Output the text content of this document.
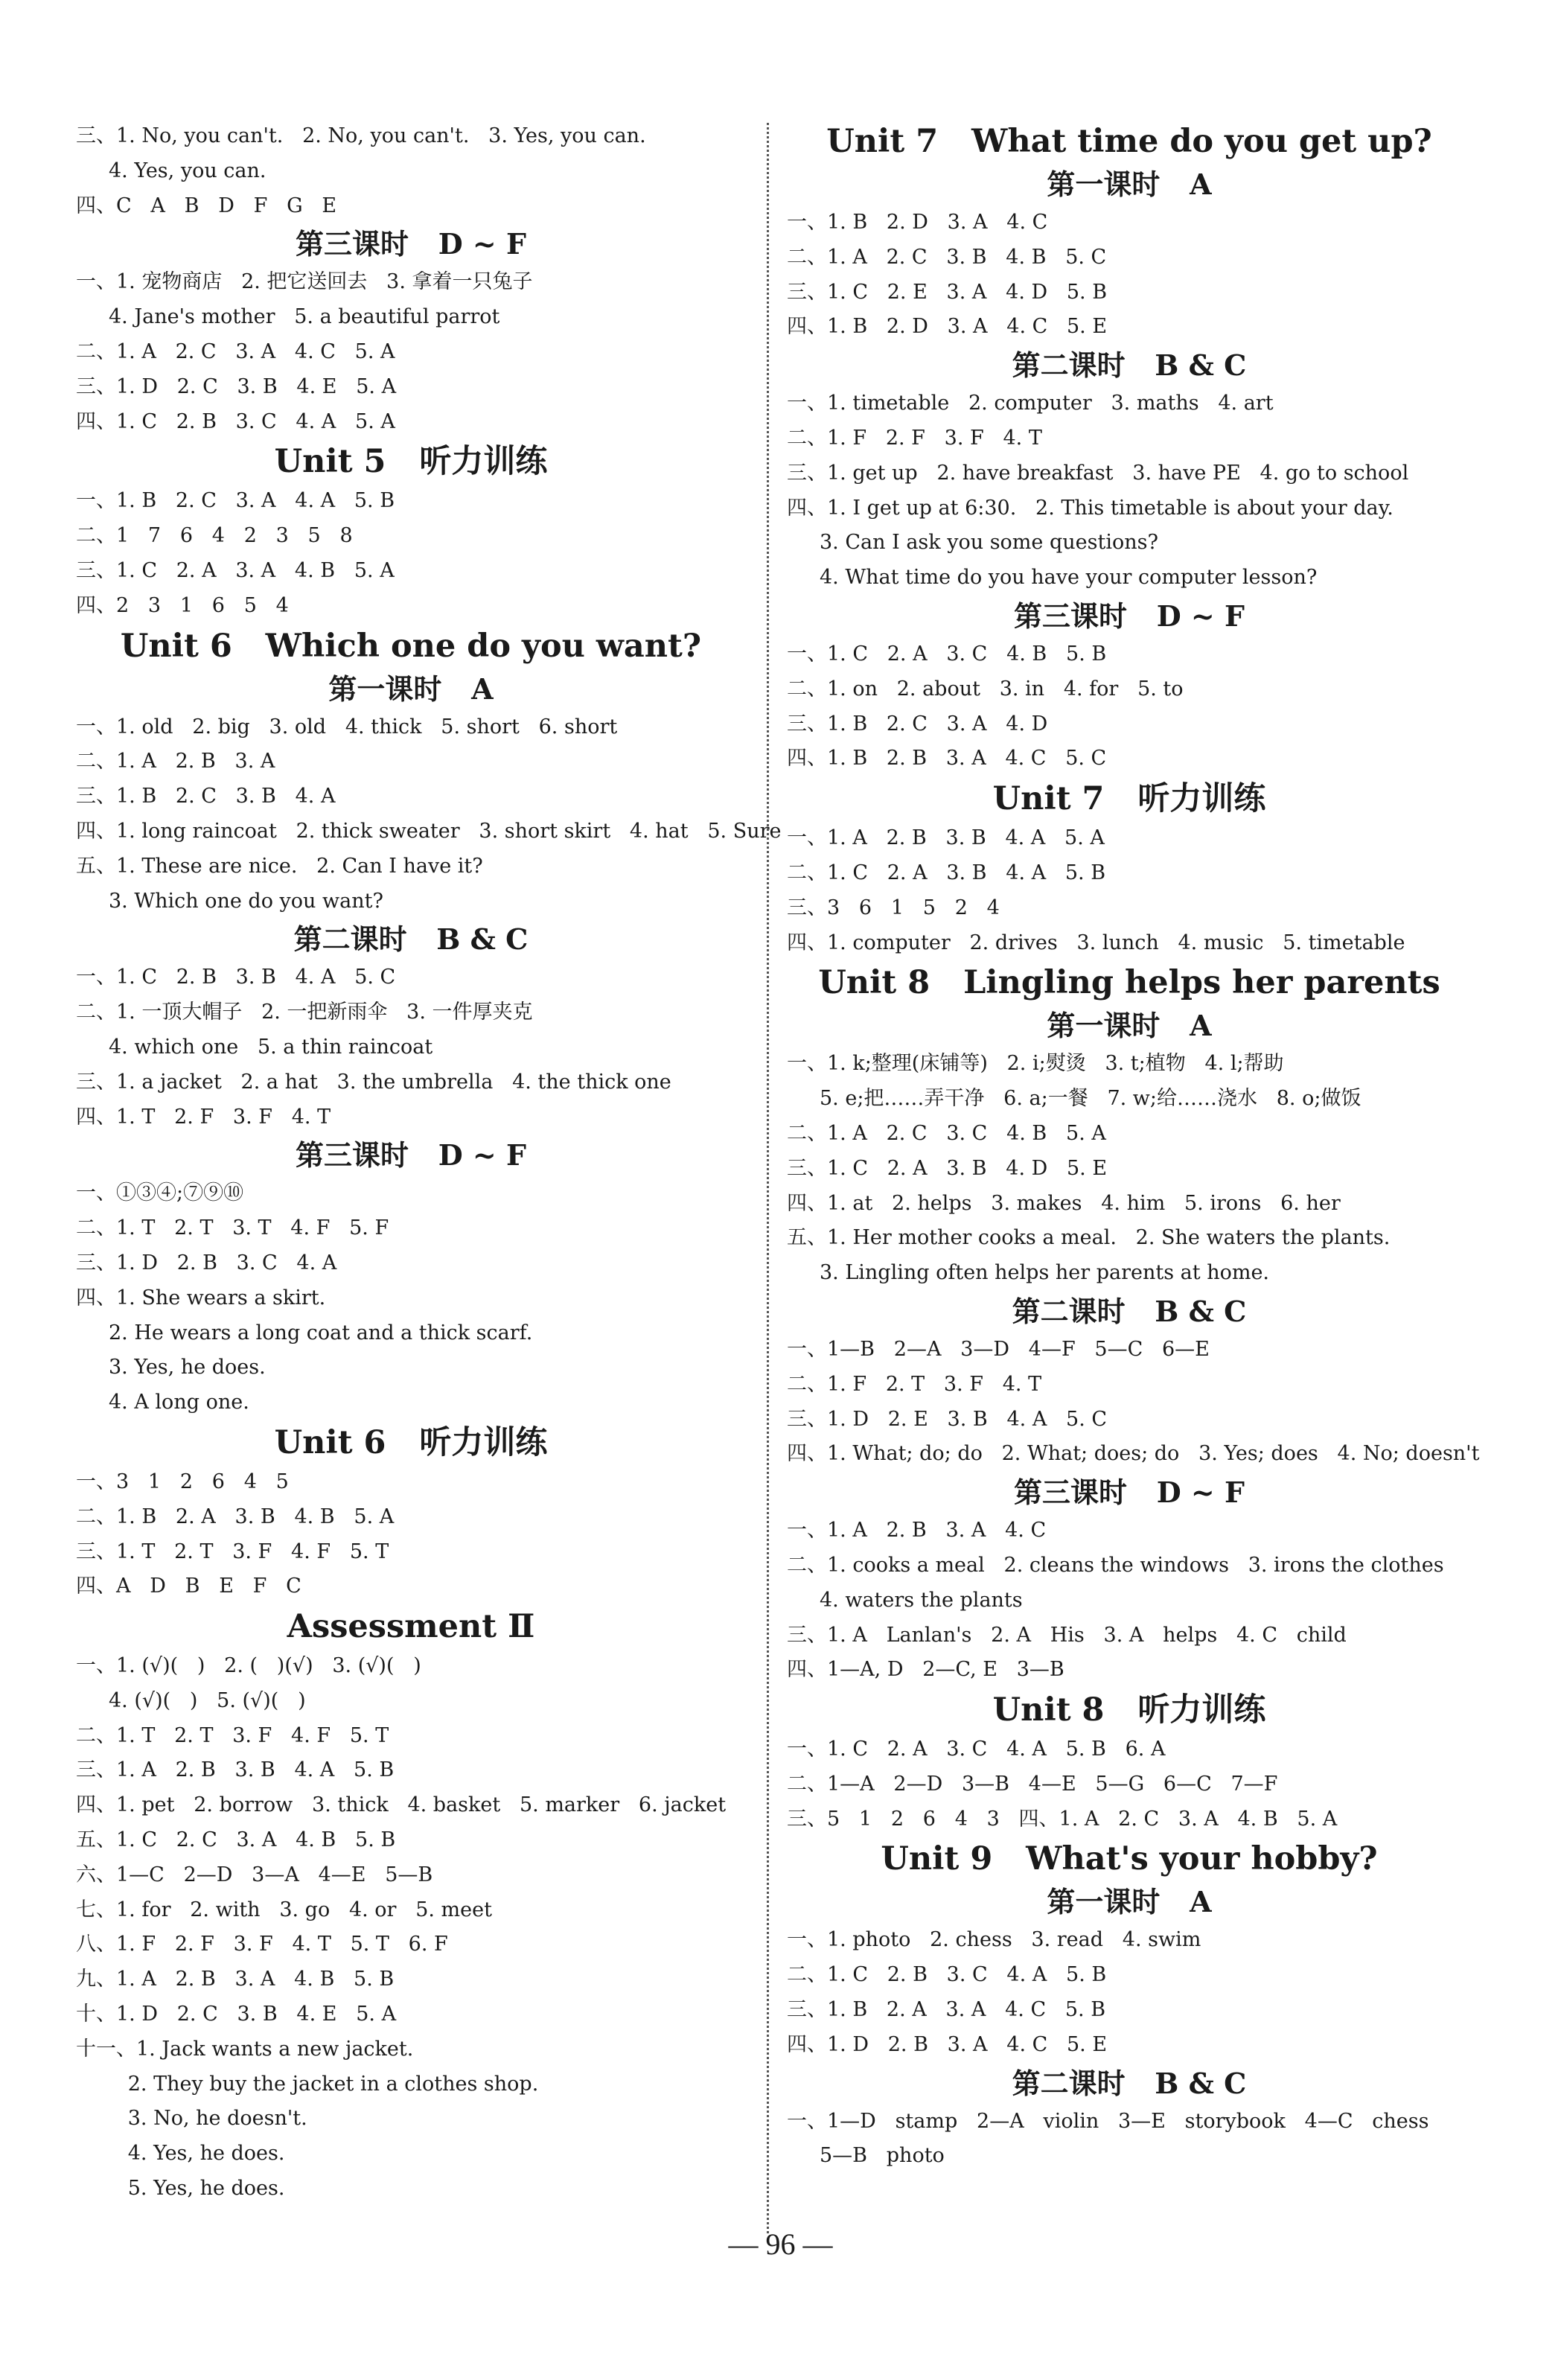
三、1. No, you can't.   2. No, you can't.   3. Yes, you can.
4. Yes, you can.
四、C   A   B   D   F   G   E
第三课时   D ~ F
一、1. 宠物商店   2. 把它送回去   3. 拿着一只兔子
4. Jane's mother   5. a beautiful parrot
二、1. A   2. C   3. A   4. C   5. A
三、1. D   2. C   3. B   4. E   5. A
四、1. C   2. B   3. C   4. A   5. A
Unit 5   听力训练
一、1. B   2. C   3. A   4. A   5. B
二、1   7   6   4   2   3   5   8
三、1. C   2. A   3. A   4. B   5. A
四、2   3   1   6   5   4
Unit 6   Which one do you want?
第一课时   A
一、1. old   2. big   3. old   4. thick   5. short   6. short
二、1. A   2. B   3. A
三、1. B   2. C   3. B   4. A
四、1. long raincoat   2. thick sweater   3. short skirt   4. hat   5. Sure
五、1. These are nice.   2. Can I have it?
3. Which one do you want?
第二课时   B & C
一、1. C   2. B   3. B   4. A   5. C
二、1. 一顶大帽子   2. 一把新雨伞   3. 一件厚夹克
4. which one   5. a thin raincoat
三、1. a jacket   2. a hat   3. the umbrella   4. the thick one
四、1. T   2. F   3. F   4. T
第三课时   D ~ F
一、①③④;⑦⑨⑩
二、1. T   2. T   3. T   4. F   5. F
三、1. D   2. B   3. C   4. A
四、1. She wears a skirt.
2. He wears a long coat and a thick scarf.
3. Yes, he does.
4. A long one.
Unit 6   听力训练
一、3   1   2   6   4   5
二、1. B   2. A   3. B   4. B   5. A
三、1. T   2. T   3. F   4. F   5. T
四、A   D   B   E   F   C
Assessment Ⅱ
一、1. (√)(   )   2. (   )(√)   3. (√)(   )
4. (√)(   )   5. (√)(   )
二、1. T   2. T   3. F   4. F   5. T
三、1. A   2. B   3. B   4. A   5. B
四、1. pet   2. borrow   3. thick   4. basket   5. marker   6. jacket
五、1. C   2. C   3. A   4. B   5. B
六、1—C   2—D   3—A   4—E   5—B
七、1. for   2. with   3. go   4. or   5. meet
八、1. F   2. F   3. F   4. T   5. T   6. F
九、1. A   2. B   3. A   4. B   5. B
十、1. D   2. C   3. B   4. E   5. A
十一、1. Jack wants a new jacket.
2. They buy the jacket in a clothes shop.
3. No, he doesn't.
4. Yes, he does.
5. Yes, he does.
Unit 7   What time do you get up?
第一课时   A
一、1. B   2. D   3. A   4. C
二、1. A   2. C   3. B   4. B   5. C
三、1. C   2. E   3. A   4. D   5. B
四、1. B   2. D   3. A   4. C   5. E
第二课时   B & C
一、1. timetable   2. computer   3. maths   4. art
二、1. F   2. F   3. F   4. T
三、1. get up   2. have breakfast   3. have PE   4. go to school
四、1. I get up at 6:30.   2. This timetable is about your day.
3. Can I ask you some questions?
4. What time do you have your computer lesson?
第三课时   D ~ F
一、1. C   2. A   3. C   4. B   5. B
二、1. on   2. about   3. in   4. for   5. to
三、1. B   2. C   3. A   4. D
四、1. B   2. B   3. A   4. C   5. C
Unit 7   听力训练
一、1. A   2. B   3. B   4. A   5. A
二、1. C   2. A   3. B   4. A   5. B
三、3   6   1   5   2   4
四、1. computer   2. drives   3. lunch   4. music   5. timetable
Unit 8   Lingling helps her parents
第一课时   A
一、1. k;整理(床铺等)   2. i;熨烫   3. t;植物   4. l;帮助
5. e;把……弄干净   6. a;一餐   7. w;给……浇水   8. o;做饭
二、1. A   2. C   3. C   4. B   5. A
三、1. C   2. A   3. B   4. D   5. E
四、1. at   2. helps   3. makes   4. him   5. irons   6. her
五、1. Her mother cooks a meal.   2. She waters the plants.
3. Lingling often helps her parents at home.
第二课时   B & C
一、1—B   2—A   3—D   4—F   5—C   6—E
二、1. F   2. T   3. F   4. T
三、1. D   2. E   3. B   4. A   5. C
四、1. What; do; do   2. What; does; do   3. Yes; does   4. No; doesn't
第三课时   D ~ F
一、1. A   2. B   3. A   4. C
二、1. cooks a meal   2. cleans the windows   3. irons the clothes
4. waters the plants
三、1. A   Lanlan's   2. A   His   3. A   helps   4. C   child
四、1—A, D   2—C, E   3—B
Unit 8   听力训练
一、1. C   2. A   3. C   4. A   5. B   6. A
二、1—A   2—D   3—B   4—E   5—G   6—C   7—F
三、5   1   2   6   4   3   四、1. A   2. C   3. A   4. B   5. A
Unit 9   What's your hobby?
第一课时   A
一、1. photo   2. chess   3. read   4. swim
二、1. C   2. B   3. C   4. A   5. B
三、1. B   2. A   3. A   4. C   5. B
四、1. D   2. B   3. A   4. C   5. E
第二课时   B & C
一、1—D   stamp   2—A   violin   3—E   storybook   4—C   chess
5—B   photo
— 96 —
